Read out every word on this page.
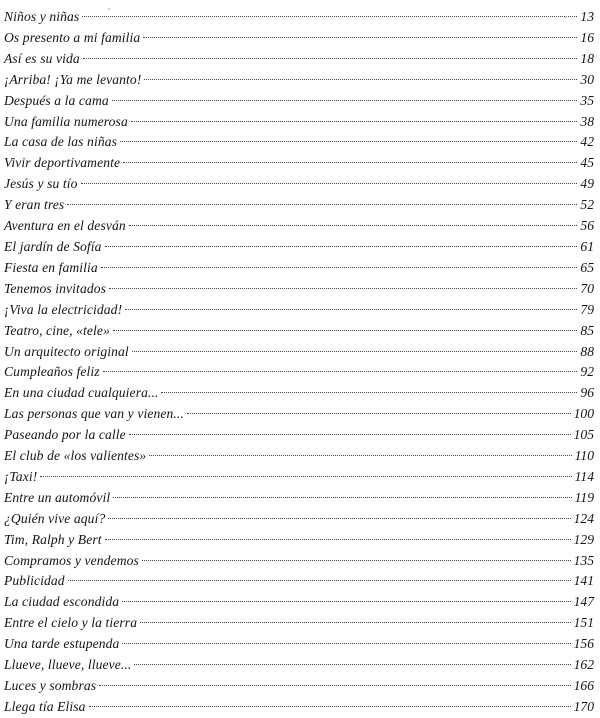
Niños y niñas	13
Os presento a mi familia	16
Así es su vida	18
¡Arriba! ¡Ya me levanto!	30
Después a la cama	35
Una familia numerosa	38
La casa de las niñas	42
Vivir deportivamente	45
Jesús y su tío	49
Y eran tres	52
Aventura en el desván	56
El jardín de Sofía	61
Fiesta en familia	65
Tenemos invitados	70
¡Viva la electricidad!	79
Teatro, cine, «tele»	85
Un arquitecto original	88
Cumpleaños feliz	92
En una ciudad cualquiera...	96
Las personas que van y vienen...	100
Paseando por la calle	105
El club de «los valientes»	110
¡Taxi!	114
Entre un automóvil	119
¿Quién vive aquí?	124
Tim, Ralph y Bert	129
Compramos y vendemos	135
Publicidad	141
La ciudad escondida	147
Entre el cielo y la tierra	151
Una tarde estupenda	156
Llueve, llueve, llueve...	162
Luces y sombras	166
Llega tía Elisa	170
